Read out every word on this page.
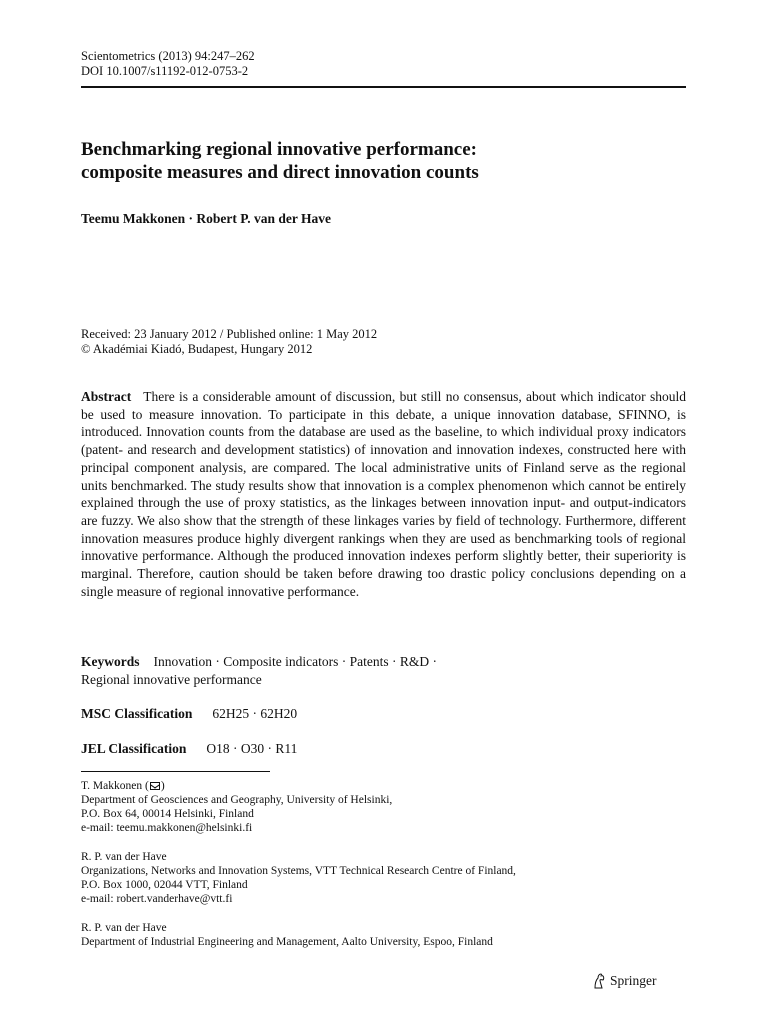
Scientometrics (2013) 94:247–262
DOI 10.1007/s11192-012-0753-2
Benchmarking regional innovative performance:
composite measures and direct innovation counts
Teemu Makkonen · Robert P. van der Have
Received: 23 January 2012 / Published online: 1 May 2012
© Akadémiai Kiadó, Budapest, Hungary 2012

Abstract There is a considerable amount of discussion, but still no consensus, about which indicator should be used to measure innovation. To participate in this debate, a unique innovation database, SFINNO, is introduced. Innovation counts from the database are used as the baseline, to which individual proxy indicators (patent- and research and development statistics) of innovation and innovation indexes, constructed here with principal component analysis, are compared. The local administrative units of Finland serve as the regional units benchmarked. The study results show that innovation is a complex phenomenon which cannot be entirely explained through the use of proxy statistics, as the linkages between innovation input- and output-indicators are fuzzy. We also show that the strength of these linkages varies by field of technology. Furthermore, different innovation measures produce highly divergent rankings when they are used as benchmarking tools of regional innovative performance. Although the produced innovation indexes perform slightly better, their superiority is marginal. Therefore, caution should be taken before drawing too drastic policy conclusions depending on a single measure of regional innovative performance.

Keywords Innovation · Composite indicators · Patents · R&D ·
Regional innovative performance
MSC Classification 62H25 · 62H20
JEL Classification O18 · O30 · R11
T. Makkonen ( )
Department of Geosciences and Geography, University of Helsinki,
P.O. Box 64, 00014 Helsinki, Finland
e-mail: teemu.makkonen@helsinki.fi
R. P. van der Have
Organizations, Networks and Innovation Systems, VTT Technical Research Centre of Finland,
P.O. Box 1000, 02044 VTT, Finland
e-mail: robert.vanderhave@vtt.fi
R. P. van der Have
Department of Industrial Engineering and Management, Aalto University, Espoo, Finland
Springer
